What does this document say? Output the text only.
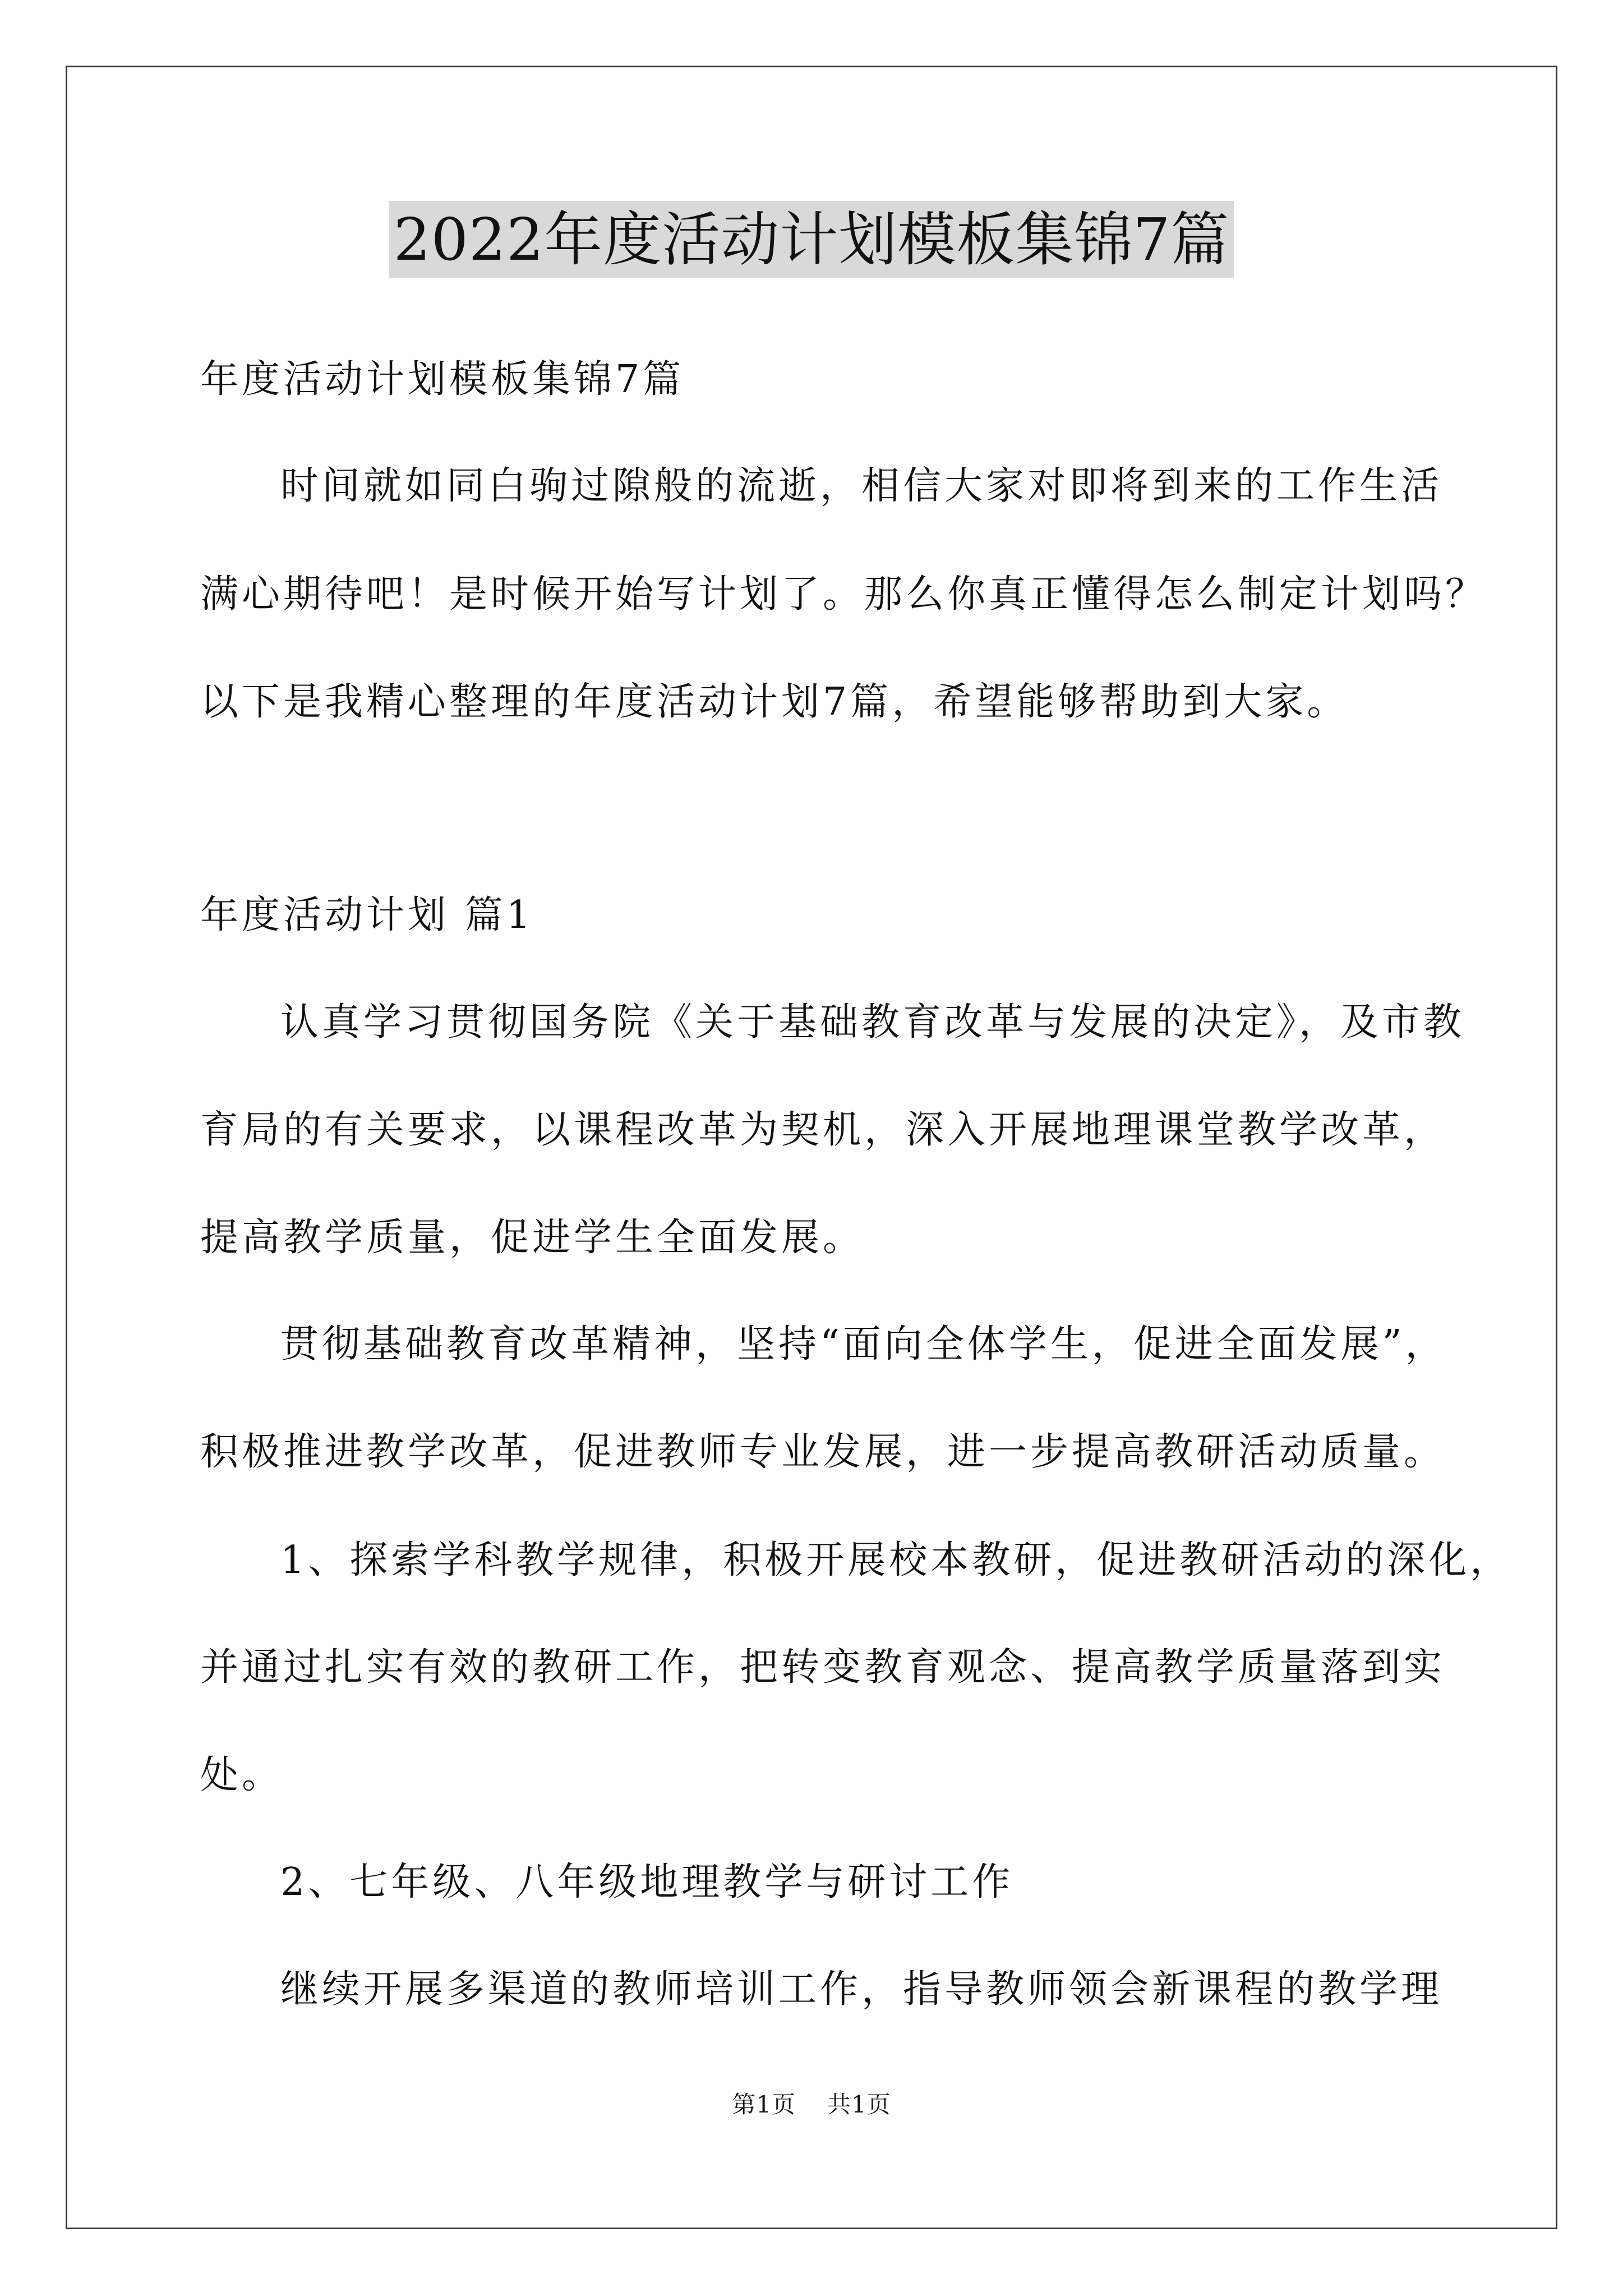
2022年度活动计划模板集锦7篇
年度活动计划模板集锦7篇
时间就如同白驹过隙般的流逝，相信大家对即将到来的工作生活
满心期待吧！是时候开始写计划了。那么你真正懂得怎么制定计划吗？
以下是我精心整理的年度活动计划7篇，希望能够帮助到大家。
年度活动计划 篇1
认真学习贯彻国务院《关于基础教育改革与发展的决定》，及市教
育局的有关要求，以课程改革为契机，深入开展地理课堂教学改革，
提高教学质量，促进学生全面发展。
贯彻基础教育改革精神，坚持“面向全体学生，促进全面发展”，
积极推进教学改革，促进教师专业发展，进一步提高教研活动质量。
1、探索学科教学规律，积极开展校本教研，促进教研活动的深化，
并通过扎实有效的教研工作，把转变教育观念、提高教学质量落到实
处。
2、七年级、八年级地理教学与研讨工作
继续开展多渠道的教师培训工作，指导教师领会新课程的教学理
第1页 共1页
